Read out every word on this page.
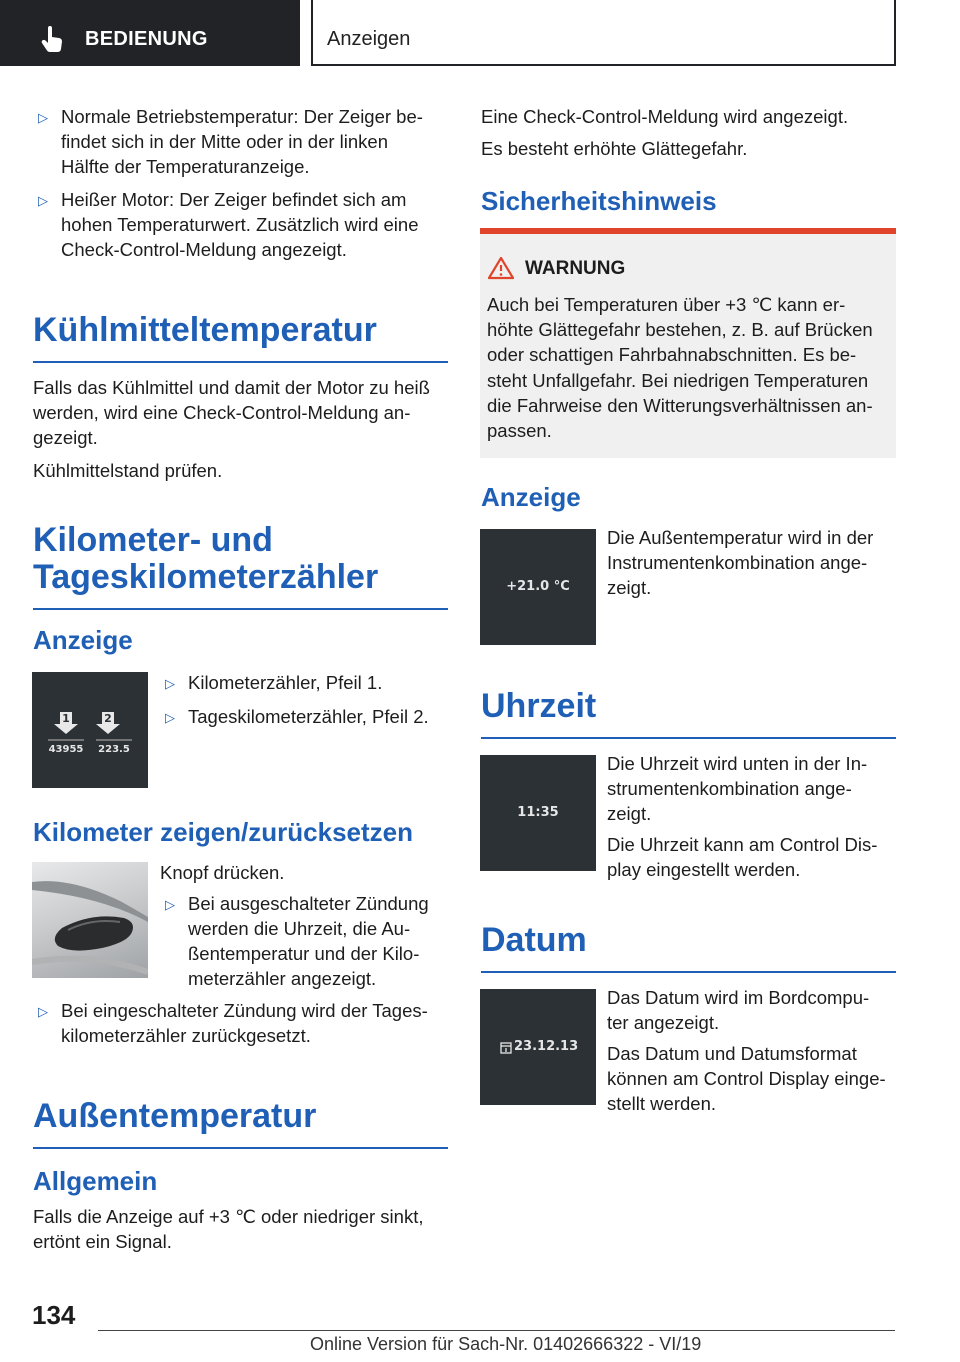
BEDIENUNG	Anzeigen
▷ Normale Betriebstemperatur: Der Zeiger be-
findet sich in der Mitte oder in der linken
Hälfte der Temperaturanzeige.
▷ Heißer Motor: Der Zeiger befindet sich am
hohen Temperaturwert. Zusätzlich wird eine
Check-Control-Meldung angezeigt.
Kühlmitteltemperatur
Falls das Kühlmittel und damit der Motor zu heiß
werden, wird eine Check-Control-Meldung an-
gezeigt.
Kühlmittelstand prüfen.
Kilometer- und
Tageskilometerzähler
Anzeige
1	2
43955	223.5
▷ Kilometerzähler, Pfeil 1.
▷ Tageskilometerzähler, Pfeil 2.
Kilometer zeigen/zurücksetzen
Knopf drücken.
▷ Bei ausgeschalteter Zündung
werden die Uhrzeit, die Au-
ßentemperatur und der Kilo-
meterzähler angezeigt.
▷ Bei eingeschalteter Zündung wird der Tages-
kilometerzähler zurückgesetzt.
Außentemperatur
Allgemein
Falls die Anzeige auf +3 ℃ oder niedriger sinkt,
ertönt ein Signal.
Eine Check-Control-Meldung wird angezeigt.
Es besteht erhöhte Glättegefahr.
Sicherheitshinweis
WARNUNG
Auch bei Temperaturen über +3 ℃ kann er-
höhte Glättegefahr bestehen, z. B. auf Brücken
oder schattigen Fahrbahnabschnitten. Es be-
steht Unfallgefahr. Bei niedrigen Temperaturen
die Fahrweise den Witterungsverhältnissen an-
passen.
Anzeige
+21.0 °C
Die Außentemperatur wird in der
Instrumentenkombination ange-
zeigt.
Uhrzeit
11:35
Die Uhrzeit wird unten in der In-
strumentenkombination ange-
zeigt.
Die Uhrzeit kann am Control Dis-
play eingestellt werden.
Datum
23.12.13
Das Datum wird im Bordcompu-
ter angezeigt.
Das Datum und Datumsformat
können am Control Display einge-
stellt werden.
134
Online Version für Sach-Nr. 01402666322 - VI/19
